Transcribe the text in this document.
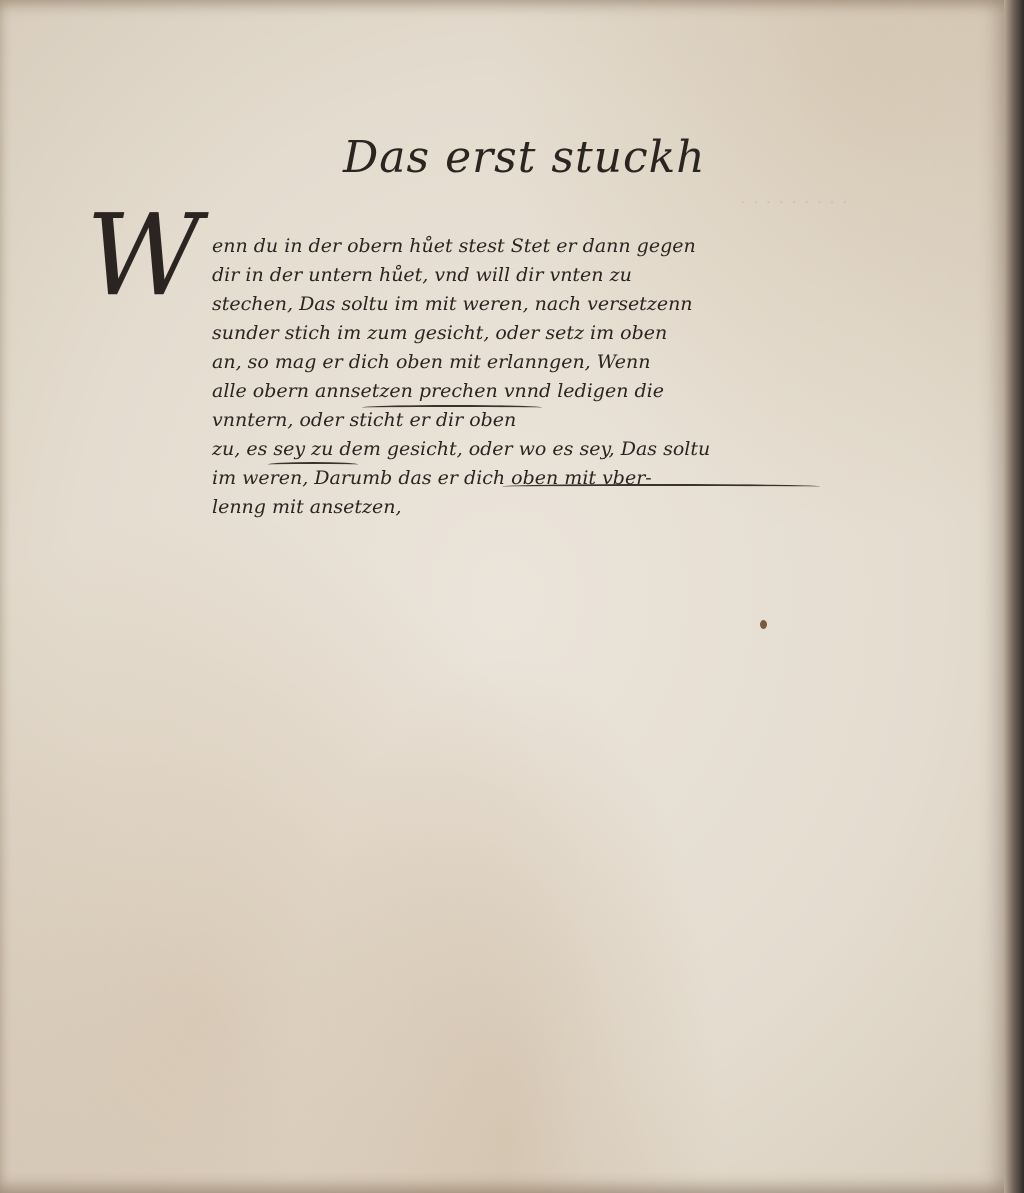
· · · · · · · · ·
Das erst stuckh
W enn du in der obern hůet stest Stet er dann gegen
dir in der untern hůet, vnd will dir vnten zu
stechen, Das soltu im mit weren, nach versetzenn
sunder stich im zum gesicht, oder setz im oben
an, so mag er dich oben mit erlanngen, Wenn
alle obern annsetzen prechen vnnd ledigen die
vnntern, oder sticht er dir oben
zu, es sey zu dem gesicht, oder wo es sey, Das soltu
im weren, Darumb das er dich oben mit vber-
lenng mit ansetzen,
